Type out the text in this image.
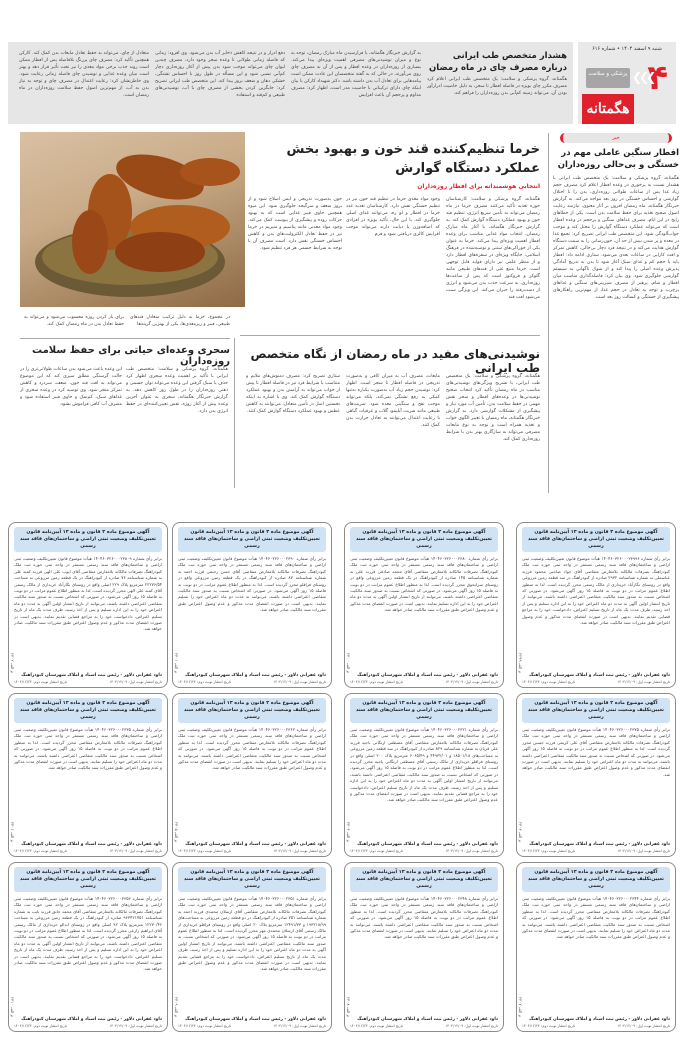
شنبه ۹ اسفند ۱۴۰۴ • شماره ۶۱۶
۴
❯❯❯
پزشکی و سلامت
هگمتانه
هشدار متخصص طب ایرانی درباره مصرف چای در ماه رمضان
هگمتانه، گروه پزشکی و سلامت: یک متخصص طب ایرانی اعلام کرد مصرف مکرر چای بویژه در فاصله افطار تا سحر، به دلیل خاصیت ادرارآور بودن آن، می‌تواند زمینه کم‌آبی بدن روزه‌داران را فراهم کند.
به گزارش خبرنگار هگمتانه، با فرارسیدن ماه مبارک رمضان، توجه به نوع و میزان نوشیدنی‌های مصرفی اهمیت ویژه‌ای پیدا می‌کند. بسیاری از روزه‌داران در وعده افطار و پس از آن به مصرف چای روی می‌آورند، در حالی که به گفته متخصصان این عادت ممکن است پیامدهایی برای تعادل آب بدن داشته باشد. دکتر شهیداد کارکن با بیان اینکه چای دارای ترکیباتی با خاصیت مدر است، اظهار کرد: مصرف مداوم و پرحجم آن باعث افزایش
دفع ادرار و در نتیجه کاهش ذخایر آب بدن می‌شود. وی افزود: زمانی که فاصله زمانی طولانی تا وعده سحر وجود دارد، مصرف چندین لیوان چای می‌تواند موجب شود بدن پیش از آغاز روزه‌داری دچار کم‌آبی نسبی شود و این مسأله در طول روز با احساس تشنگی، خشکی دهان و ضعف بروز پیدا کند. این متخصص طب ایرانی تصریح کرد: جایگزین کردن بخشی از مصرف چای با آب، نوشیدنی‌های طبیعی و کم‌قند و استفاده
متعادل از چای، می‌تواند به حفظ تعادل مایعات بدن کمک کند. کارکن همچنین تأکید کرد: مصرف چای پررنگ بلافاصله پس از افطار ممکن است روند جذب برخی مواد مغذی را نیز تحت تأثیر قرار دهد و بهتر است میان وعده غذایی و نوشیدن چای فاصله زمانی رعایت شود. وی خاطرنشان کرد: رعایت اعتدال در مصرف چای و توجه به نیاز بدن به آب، از مهم‌ترین اصول حفظ سلامت روزه‌داران در ماه رمضان است.
خبر
افطار سنگین عاملی مهم در خستگی و بی‌حالی روزه‌داران
هگمتانه، گروه پزشکی و سلامت: یک متخصص طب ایرانی با هشدار نسبت به پرخوری در وعده افطار اعلام کرد مصرف حجم زیاد غذا پس از ساعات طولانی روزه‌داری، بدن را با اختلال گوارشی و احساس خستگی در روز بعد مواجه می‌کند. به گزارش خبرنگار هگمتانه، ماه رمضان افزون بر آثار معنوی، نیازمند رعایت اصول صحیح تغذیه برای حفظ سلامت بدن است. یکی از خطاهای رایج در این ایام، مصرف غذاهای سنگین و پرحجم در وعده افطار است که می‌تواند عملکرد دستگاه گوارش را مختل کند و موجب خواب‌آلودگی شود. این متخصص طب ایرانی تصریح کرد: تجمع غذا در معده و پر شدن بیش از حد آن، خون‌رسانی را به سمت دستگاه گوارش هدایت می‌کند و در نتیجه فرد دچار بی‌حالی، کاهش تمرکز و افت کارایی در ساعات بعدی می‌شود. ستاری ادامه داد: افطار باید با حجم کم و غذای سبک آغاز شود تا بدن به تدریج آمادگی پذیرش وعده اصلی را پیدا کند و از شوک ناگهانی به سیستم گوارشی جلوگیری شود. وی بیان کرد: فاصله‌گذاری مناسب میان افطار و شام، پرهیز از مصرف شیرینی‌های سنگین و غذاهای پرچرب و توجه به تعادل در حجم غذا، از مهم‌ترین راهکارهای پیشگیری از خستگی و کسالت روز بعد است.
خرما تنظیم‌کننده قند خون و بهبود بخش عملکرد دستگاه گوارش
انتخابی هوشمندانه برای افطار روزه‌داران
هگمتانه، گروه پزشکی و سلامت: کارشناسان حوزه تغذیه تأکید می‌کنند مصرف خرما در ماه رمضان می‌تواند به تأمین سریع انرژی، تنظیم قند خون و بهبود عملکرد دستگاه گوارش کمک کند. به گزارش خبرنگار هگمتانه، با آغاز ماه مبارک رمضان، انتخاب مواد غذایی مناسب برای وعده افطار اهمیت ویژه‌ای پیدا می‌کند. خرما به عنوان یکی از خوراکی‌های سنتی و توصیه‌شده در فرهنگ اسلامی، جایگاه ویژه‌ای در سفره‌های افطار دارد و از منظر علمی نیز دارای فواید قابل توجهی است. خرما منبع غنی از قندهای طبیعی مانند گلوکز و فروکتوز است که پس از ساعت‌ها روزه‌داری، به سرعت جذب بدن می‌شود و انرژی از دست‌رفته را جبران می‌کند. این ویژگی سبب می‌شود افت قند
وجود مواد مغذی خرما در تنظیم قند خون نیز در تنظیم خستگی تفش دارد. کارشناسان تغذیه عدد خرما در افطار و لو ره، می‌توانند غذای اصلی جلوگیری کند. با این حال، تأکید بویژه در افرادی که اضافه‌وزن یا دیابت دارند می‌تواند موجب افزایش کالری دریافتی شود و قرم
خون به‌صورت تدریجی و ایمن اصلاح شود و از بروز ضعف و سرگیجه جلوگیری شود. این میوه همچنین حاوی فیبر غذایی است که به بهبود حرکات روده و پیشگیری از یبوست کمک می‌کند. وجود مواد معدنی مانند پتاسیم و منیزیم در خرما نیز در حفظ تعادل الکترولیت‌های بدن و کاهش احساس خستگی نقش دارد. است مصرف آن با توجه به شرایط جسمی هر فرد تنظیم شود.
در مجموع، خرما به دلیل ترکیب متعادل قندهای طبیعی، فیبر و ریزمغذی‌ها، یکی از بهترین گزینه‌ها
برای باز کردن روزه محسوب می‌شود و می‌تواند به حفظ تعادل بدن در ماه رمضان کمک کند.
نوشیدنی‌های مفید در ماه رمضان از نگاه متخصص طب ایرانی
هگمتانه، گروه پزشکی و سلامت: یک متخصص طب ایرانی، با تشریح ویژگی‌های نوشیدنی‌های مناسب در ماه رمضان تأکید کرد انتخاب صحیح نوشیدنی‌ها در وعده‌های افطار و سحر نقش مهمی در حفظ سلامت بدن، تأمین آب مورد نیاز و پیشگیری از مشکلات گوارشی دارد. به گزارش خبرنگار هگمتانه، ماه رمضان با تغییر الگوی خواب و تغذیه همراه است و توجه به نوع مایعات مصرفی می‌تواند به سازگاری بهتر بدن با شرایط روزه‌داری کمک کند.
مایعات، مصرف آب به میزان کافی و به‌صورت تدریجی در فاصله افطار تا سحر است. اظهار کرد: نوشیدن حجم زیاد آب به‌صورت یکباره نه‌تنها کمکی به رفع تشنگی نمی‌کند، بلکه می‌تواند موجب نفخ و سنگینی معده شود. شربت‌های طبیعی مانند شربت آبلیمو، گلاب و عرقیات گیاهی با رعایت اعتدال می‌توانند به تعادل حرارت بدن کمک کنند.
ستاری تصریح کرد: مصرف دمنوش‌های ملایم و متناسب با شرایط فرد نیز در فاصله افطار تا پیش از خواب می‌تواند به آرامش بدن و بهبود عملکرد دستگاه گوارش کمک کند. وی با اشاره به اینکه نخستین اصل در تأمین متعادل، می‌توانند به کاهش عطش و بهبود عملکرد دستگاه گوارش کمک کنند.
سحری وعده‌ای حیاتی برای حفظ سلامت روزه‌داران
هگمتانه، گروه پزشکی و سلامت: متخصص طب ایرانی با تأکید بر اهمیت وعده سحری اظهار کرد حذف یا سبک گرفتن این وعده می‌تواند توان جسمی و ذهنی روزه‌داران را در طول روز کاهش دهد. به گزارش خبرنگار هگمتانه، سحری به عنوان آخرین وعده پیش از آغاز روزه، نقش تعیین‌کننده‌ای در حفظ انرژی بدن دارد.
این وعده باعث می‌شود بدن ساعات طولانی‌تری را در حالت گرسنگی مطلق سپری کند که این موضوع می‌تواند به افت قند خون، ضعف، سردرد و کاهش تمرکز منجر شود. وی توصیه کرد در وعده سحری از غذاهای سبک، کم‌نمک و حاوی فیبر استفاده شود و مصرف آب کافی فراموش نشود.
آگهی موضوع ماده ۳ قانون و ماده ۱۳ آیین‌نامه قانون تعیین‌تکلیف وضعیت ثبتی اراضی و ساختمان‌های فاقد سند رسمی
برابر رأی شماره ۱۴۰۴۶۰۳۲۶۰۰۰۲۳۹۹۶ هیأت موضوع قانون تعیین‌تکلیف وضعیت ثبتی اراضی و ساختمان‌های فاقد سند رسمی مستقر در واحد ثبتی حوزه ثبت ملک کبودراهنگ تصرفات مالکانه بلامعارض متقاضی آقای جواد صاحبی محمود فرزند عباسعلی به شماره شناسنامه ۲۹۳۲ صادره از کبودراهنگ در سه قطعه زمین مزروعی واقع در روستای نگارآباد خریداری از مالک رسمی محرز گردیده است. لذا به منظور اطلاع عموم مراتب در دو نوبت به فاصله ۱۵ روز آگهی می‌شود. در صورتی که اشخاص نسبت به صدور سند مالکیت متقاضی اعتراضی داشته باشند، می‌توانند از تاریخ انتشار اولین آگهی به مدت دو ماه اعتراض خود را به این اداره تسلیم و پس از اخذ رسید، ظرف مدت یک ماه از تاریخ تسلیم اعتراض، دادخواست خود را به مراجع قضایی تقدیم نمایند. بدیهی است در صورت انقضای مدت مذکور و عدم وصول اعتراض طبق مقررات سند مالکیت صادر خواهد شد.
داود غفرانی دلاور - رئیس ثبت اسناد و املاک شهرستان کبودراهنگ
تاریخ انتشار نوبت اول: ۱۴۰۴/۱۲/۰۹
تاریخ انتشار نوبت دوم: ۱۴۰۴/۱۲/۲۴
م الف ۲۲۹۹
آگهی موضوع ماده ۳ قانون و ماده ۱۳ آیین‌نامه قانون تعیین‌تکلیف وضعیت ثبتی اراضی و ساختمان‌های فاقد سند رسمی
برابر رأی شماره ۱۴۰۴۶۰۳۲۶۰۰۰۲۳۸۰ هیأت موضوع قانون تعیین‌تکلیف وضعیت ثبتی اراضی و ساختمان‌های فاقد سند رسمی مستقر در واحد ثبتی حوزه ثبت ملک کبودراهنگ تصرفات مالکانه بلامعارض متقاضی آقای محمد صادقی فرزند علی به شماره شناسنامه ۱۴۵ صادره از کبودراهنگ در یک قطعه زمین مزروعی واقع در روستای سرایجوق محرز گردیده است. لذا به منظور اطلاع عموم مراتب در دو نوبت به فاصله ۱۵ روز آگهی می‌شود. در صورتی که اشخاص نسبت به صدور سند مالکیت متقاضی اعتراضی داشته باشند، می‌توانند از تاریخ انتشار اولین آگهی به مدت دو ماه اعتراض خود را به این اداره تسلیم نمایند. بدیهی است در صورت انقضای مدت مذکور و عدم وصول اعتراض طبق مقررات سند مالکیت صادر خواهد شد.
داود غفرانی دلاور - رئیس ثبت اسناد و املاک شهرستان کبودراهنگ
تاریخ انتشار نوبت اول: ۱۴۰۴/۱۲/۰۹
تاریخ انتشار نوبت دوم: ۱۴۰۴/۱۲/۲۴
م الف ۲۳۰۰
آگهی موضوع ماده ۳ قانون و ماده ۱۳ آیین‌نامه قانون تعیین‌تکلیف وضعیت ثبتی اراضی و ساختمان‌های فاقد سند رسمی
برابر رأی شماره ۱۴۰۴۶۰۳۲۶۰۰۰۲۳۹۰ هیأت موضوع قانون تعیین‌تکلیف وضعیت ثبتی اراضی و ساختمان‌های فاقد سند رسمی مستقر در واحد ثبتی حوزه ثبت ملک کبودراهنگ تصرفات مالکانه بلامعارض متقاضی آقای حسن رحیمی فرزند احمد به شماره شناسنامه ۸۷ صادره از کبودراهنگ در یک قطعه زمین مزروعی واقع در روستای قراقلو محرز گردیده است. لذا به منظور اطلاع عموم مراتب در دو نوبت به فاصله ۱۵ روز آگهی می‌شود. در صورتی که اشخاص نسبت به صدور سند مالکیت متقاضی اعتراضی داشته باشند، می‌توانند به مدت دو ماه اعتراض خود را تسلیم نمایند. بدیهی است در صورت انقضای مدت مذکور و عدم وصول اعتراض طبق مقررات سند مالکیت صادر خواهد شد.
داود غفرانی دلاور - رئیس ثبت اسناد و املاک شهرستان کبودراهنگ
تاریخ انتشار نوبت اول: ۱۴۰۴/۱۲/۰۹
تاریخ انتشار نوبت دوم: ۱۴۰۴/۱۲/۲۴
م الف ۲۳۰۱
آگهی موضوع ماده ۳ قانون و ماده ۱۳ آیین‌نامه قانون تعیین‌تکلیف وضعیت ثبتی اراضی و ساختمان‌های فاقد سند رسمی
برابر رأی شماره ۱۴۰۴۶۰۳۲۶۰۰۰۲۳۸۰۹ هیأت موضوع قانون تعیین‌تکلیف وضعیت ثبتی اراضی و ساختمان‌های فاقد سند رسمی مستقر در واحد ثبتی حوزه ثبت ملک کبودراهنگ تصرفات مالکانه بلامعارض متقاضی آقای ایوب علی الهی فرزند کمند علی به شماره شناسنامه ۷۶ صادره از کبودراهنگ در یک قطعه زمین مزروعی به مساحت ۲۲۲۷۶/۵۴ مترمربع پلاک ۲۲۹ اصلی واقع در روستای نگارآباد خریداری از مالک رسمی آقای کمند علی الهی محرز گردیده است. لذا به منظور اطلاع عموم مراتب در دو نوبت به فاصله ۱۵ روز آگهی می‌شود. در صورتی که اشخاص نسبت به صدور سند مالکیت متقاضی اعتراضی داشته باشند، می‌توانند از تاریخ انتشار اولین آگهی به مدت دو ماه اعتراض خود را به این اداره تسلیم و پس از اخذ رسید، ظرف مدت یک ماه از تاریخ تسلیم اعتراض، دادخواست خود را به مراجع قضایی تقدیم نمایند. بدیهی است در صورت انقضای مدت مذکور و عدم وصول اعتراض طبق مقررات سند مالکیت صادر خواهد شد.
داود غفرانی دلاور - رئیس ثبت اسناد و املاک شهرستان کبودراهنگ
تاریخ انتشار نوبت اول: ۱۴۰۴/۱۲/۰۹
تاریخ انتشار نوبت دوم: ۱۴۰۴/۱۲/۲۴
م الف ۲۳۰۲
آگهی موضوع ماده ۳ قانون و ماده ۱۳ آیین‌نامه قانون تعیین‌تکلیف وضعیت ثبتی اراضی و ساختمان‌های فاقد سند رسمی
برابر رأی شماره ۱۴۰۴۶۰۳۲۶۰۰۰۲۳۷۵ هیأت موضوع قانون تعیین‌تکلیف وضعیت ثبتی اراضی و ساختمان‌های فاقد سند رسمی مستقر در واحد ثبتی حوزه ثبت ملک کبودراهنگ تصرفات مالکانه بلامعارض متقاضی آقای علی کریمی فرزند حسین محرز گردیده است. لذا به منظور اطلاع عموم مراتب در دو نوبت به فاصله ۱۵ روز آگهی می‌شود. در صورتی که اشخاص نسبت به صدور سند مالکیت متقاضی اعتراضی داشته باشند، می‌توانند به مدت دو ماه اعتراض خود را تسلیم نمایند. بدیهی است در صورت انقضای مدت مذکور و عدم وصول اعتراض طبق مقررات سند مالکیت صادر خواهد شد.
داود غفرانی دلاور - رئیس ثبت اسناد و املاک شهرستان کبودراهنگ
تاریخ انتشار نوبت اول: ۱۴۰۴/۱۲/۰۹
تاریخ انتشار نوبت دوم: ۱۴۰۴/۱۲/۲۴
م الف ۲۳۰۳
آگهی موضوع ماده ۳ قانون و ماده ۱۳ آیین‌نامه قانون تعیین‌تکلیف وضعیت ثبتی اراضی و ساختمان‌های فاقد سند رسمی
برابر رأی شماره ۱۴۰۴۶۰۳۲۶۰۰۰۲۳۲۱ هیأت موضوع قانون تعیین‌تکلیف وضعیت ثبتی اراضی و ساختمان‌های فاقد سند رسمی مستقر در واحد ثبتی حوزه ثبت ملک کبودراهنگ تصرفات مالکانه بلامعارض متقاضی آقای مصطفی ارتگانی باجیه فرزند علی قربان به شماره شناسنامه ۸۲۹ صادره از کبودراهنگ در سه قطعه زمین مزروعی به مساحت‌های ۱۸۵۰۱/۱۸ و ۴۴۹۳۲/۰۱ و ۶۰۶۵/۴۹ مترمربع پلاک ۲۰۰ اصلی واقع در روستای قراقلو خریداری از مالک رسمی آقای مصطفی ارتگانی باجیه محرز گردیده است. لذا به منظور اطلاع عموم مراتب در دو نوبت به فاصله ۱۵ روز آگهی می‌شود. در صورتی که اشخاص نسبت به صدور سند مالکیت متقاضی اعتراضی داشته باشند، می‌توانند از تاریخ انتشار اولین آگهی به مدت دو ماه اعتراض خود را به این اداره تسلیم و پس از اخذ رسید، ظرف مدت یک ماه از تاریخ تسلیم اعتراض، دادخواست خود را به مراجع قضایی تقدیم نمایند. بدیهی است در صورت انقضای مدت مذکور و عدم وصول اعتراض طبق مقررات سند مالکیت صادر خواهد شد.
داود غفرانی دلاور - رئیس ثبت اسناد و املاک شهرستان کبودراهنگ
تاریخ انتشار نوبت اول: ۱۴۰۴/۱۲/۰۹
تاریخ انتشار نوبت دوم: ۱۴۰۴/۱۲/۲۴
م الف ۲۳۰۴
آگهی موضوع ماده ۳ قانون و ماده ۱۳ آیین‌نامه قانون تعیین‌تکلیف وضعیت ثبتی اراضی و ساختمان‌های فاقد سند رسمی
برابر رأی شماره ۱۴۰۴۶۰۳۲۶۰۰۰۲۳۶۲ هیأت موضوع قانون تعیین‌تکلیف وضعیت ثبتی اراضی و ساختمان‌های فاقد سند رسمی مستقر در واحد ثبتی حوزه ثبت ملک کبودراهنگ تصرفات مالکانه بلامعارض متقاضی محرز گردیده است. لذا به منظور اطلاع عموم مراتب در دو نوبت به فاصله ۱۵ روز آگهی می‌شود. در صورتی که اشخاص نسبت به صدور سند مالکیت متقاضی اعتراضی داشته باشند، می‌توانند به مدت دو ماه اعتراض خود را تسلیم نمایند. بدیهی است در صورت انقضای مدت مذکور و عدم وصول اعتراض طبق مقررات سند مالکیت صادر خواهد شد.
داود غفرانی دلاور - رئیس ثبت اسناد و املاک شهرستان کبودراهنگ
تاریخ انتشار نوبت اول: ۱۴۰۴/۱۲/۰۹
تاریخ انتشار نوبت دوم: ۱۴۰۴/۱۲/۲۴
م الف ۲۳۰۵
آگهی موضوع ماده ۳ قانون و ماده ۱۳ آیین‌نامه قانون تعیین‌تکلیف وضعیت ثبتی اراضی و ساختمان‌های فاقد سند رسمی
برابر رأی شماره ۱۴۰۴۶۰۳۲۶۰۰۰۲۳۳۵ هیأت موضوع قانون تعیین‌تکلیف وضعیت ثبتی اراضی و ساختمان‌های فاقد سند رسمی مستقر در واحد ثبتی حوزه ثبت ملک کبودراهنگ تصرفات مالکانه بلامعارض متقاضی محرز گردیده است. لذا به منظور اطلاع عموم مراتب در دو نوبت به فاصله ۱۵ روز آگهی می‌شود. در صورتی که اشخاص نسبت به صدور سند مالکیت متقاضی اعتراضی داشته باشند، می‌توانند به مدت دو ماه اعتراض خود را تسلیم نمایند. بدیهی است در صورت انقضای مدت مذکور و عدم وصول اعتراض طبق مقررات سند مالکیت صادر خواهد شد.
داود غفرانی دلاور - رئیس ثبت اسناد و املاک شهرستان کبودراهنگ
تاریخ انتشار نوبت اول: ۱۴۰۴/۱۲/۰۹
تاریخ انتشار نوبت دوم: ۱۴۰۴/۱۲/۲۴
م الف ۲۳۰۶
آگهی موضوع ماده ۳ قانون و ماده ۱۳ آیین‌نامه قانون تعیین‌تکلیف وضعیت ثبتی اراضی و ساختمان‌های فاقد سند رسمی
برابر رأی شماره ۱۴۰۴۶۰۳۲۶۰۰۰۲۳۴۴ هیأت موضوع قانون تعیین‌تکلیف وضعیت ثبتی اراضی و ساختمان‌های فاقد سند رسمی مستقر در واحد ثبتی حوزه ثبت ملک کبودراهنگ تصرفات مالکانه بلامعارض متقاضی محرز گردیده است. لذا به منظور اطلاع عموم مراتب در دو نوبت به فاصله ۱۵ روز آگهی می‌شود. در صورتی که اشخاص نسبت به صدور سند مالکیت متقاضی اعتراضی داشته باشند، می‌توانند به مدت دو ماه اعتراض خود را تسلیم نمایند. بدیهی است در صورت انقضای مدت مذکور و عدم وصول اعتراض طبق مقررات سند مالکیت صادر خواهد شد.
داود غفرانی دلاور - رئیس ثبت اسناد و املاک شهرستان کبودراهنگ
تاریخ انتشار نوبت اول: ۱۴۰۴/۱۲/۰۹
تاریخ انتشار نوبت دوم: ۱۴۰۴/۱۲/۲۴
م الف ۲۳۰۷
آگهی موضوع ماده ۳ قانون و ماده ۱۳ آیین‌نامه قانون تعیین‌تکلیف وضعیت ثبتی اراضی و ساختمان‌های فاقد سند رسمی
برابر رأی شماره ۱۴۰۴۶۰۳۲۶۰۰۰۲۳۴۸ هیأت موضوع قانون تعیین‌تکلیف وضعیت ثبتی اراضی و ساختمان‌های فاقد سند رسمی مستقر در واحد ثبتی حوزه ثبت ملک کبودراهنگ تصرفات مالکانه بلامعارض متقاضی محرز گردیده است. لذا به منظور اطلاع عموم مراتب در دو نوبت به فاصله ۱۵ روز آگهی می‌شود. در صورتی که اشخاص نسبت به صدور سند مالکیت متقاضی اعتراضی داشته باشند، می‌توانند به مدت دو ماه اعتراض خود را تسلیم نمایند. بدیهی است در صورت انقضای مدت مذکور و عدم وصول اعتراض طبق مقررات سند مالکیت صادر خواهد شد.
داود غفرانی دلاور - رئیس ثبت اسناد و املاک شهرستان کبودراهنگ
تاریخ انتشار نوبت اول: ۱۴۰۴/۱۲/۰۹
تاریخ انتشار نوبت دوم: ۱۴۰۴/۱۲/۲۴
م الف ۲۳۰۸
آگهی موضوع ماده ۳ قانون و ماده ۱۳ آیین‌نامه قانون تعیین‌تکلیف وضعیت ثبتی اراضی و ساختمان‌های فاقد سند رسمی
برابر رأی شماره ۱۴۰۴۶۰۳۲۶۰۰۰۲۳۵۱ هیأت موضوع قانون تعیین‌تکلیف وضعیت ثبتی اراضی و ساختمان‌های فاقد سند رسمی مستقر در واحد ثبتی حوزه ثبت ملک کبودراهنگ تصرفات مالکانه بلامعارض متقاضی آقای ارسلان محمدی فرزند احمد به شماره شناسنامه ۷۵۱ صادره از کبودراهنگ در دو قطعه زمین مزروعی به مساحت‌های ۱۹۳۲۱۸/۹۹ و ۱۲۴۹۱/۷۳ مترمربع پلاک ۲۰ اصلی واقع در روستای قراقلو خریداری از مالک رسمی آقای ارسلان محمدی مهر محرز گردیده است. لذا به منظور اطلاع عموم مراتب در دو نوبت به فاصله ۱۵ روز آگهی می‌شود. در صورتی که اشخاص نسبت به صدور سند مالکیت متقاضی اعتراضی داشته باشند، می‌توانند از تاریخ انتشار اولین آگهی به مدت دو ماه اعتراض خود را به این اداره تسلیم و پس از اخذ رسید، ظرف مدت یک ماه از تاریخ تسلیم اعتراض، دادخواست خود را به مراجع قضایی تقدیم نمایند. بدیهی است در صورت انقضای مدت مذکور و عدم وصول اعتراض طبق مقررات سند مالکیت صادر خواهد شد.
داود غفرانی دلاور - رئیس ثبت اسناد و املاک شهرستان کبودراهنگ
تاریخ انتشار نوبت اول: ۱۴۰۴/۱۲/۰۹
تاریخ انتشار نوبت دوم: ۱۴۰۴/۱۲/۲۴
م الف ۲۳۰۹
آگهی موضوع ماده ۳ قانون و ماده ۱۳ آیین‌نامه قانون تعیین‌تکلیف وضعیت ثبتی اراضی و ساختمان‌های فاقد سند رسمی
برابر رأی شماره ۱۴۰۴۶۰۳۲۶۰۰۰۲۳۵۶ هیأت موضوع قانون تعیین‌تکلیف وضعیت ثبتی اراضی و ساختمان‌های فاقد سند رسمی مستقر در واحد ثبتی حوزه ثبت ملک کبودراهنگ تصرفات مالکانه بلامعارض متقاضی آقای محمد حاتق فرزند نایب به شماره شناسنامه ۹۶۳۴۲۱۷۵۱ صادره از کبودراهنگ در یک قطعه زمین مزروعی به مساحت ۱۲۲۷۰/۴۶ مترمربع پلاک ۹۲ اصلی واقع در روستای ابدالو خریداری از مالک رسمی آقای ابراهیم زارعی محرز گردیده است. لذا به منظور اطلاع عموم مراتب در دو نوبت به فاصله ۱۵ روز آگهی می‌شود. در صورتی که اشخاص نسبت به صدور سند مالکیت متقاضی اعتراضی داشته باشند، می‌توانند از تاریخ انتشار اولین آگهی به مدت دو ماه اعتراض خود را به این اداره تسلیم و پس از اخذ رسید، ظرف مدت یک ماه از تاریخ تسلیم اعتراض، دادخواست خود را به مراجع قضایی تقدیم نمایند. بدیهی است در صورت انقضای مدت مذکور و عدم وصول اعتراض طبق مقررات سند مالکیت صادر خواهد شد.
داود غفرانی دلاور - رئیس ثبت اسناد و املاک شهرستان کبودراهنگ
تاریخ انتشار نوبت اول: ۱۴۰۴/۱۲/۰۹
تاریخ انتشار نوبت دوم: ۱۴۰۴/۱۲/۲۴
م الف ۲۳۱۰
